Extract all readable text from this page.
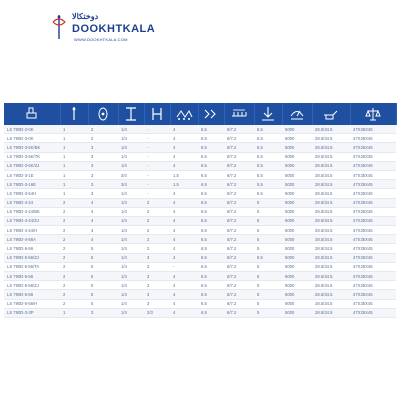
دوختکالا
DOOKHTKALA
WWW.DOOKHTKALA.COM

LS 790D-2-0K	1	2	1/4	-	4	6.5	6/7.2	5.5	5000	28.5/34.5	47X35X45
LS 790D-3-0K	1	2	1/4	-	4	6.5	6/7.2	5.5	5000	28.5/34.5	47X35X45
LS 790D-3-5K/BK	1	3	1/4	-	4	6.5	6/7.2	5.5	5000	28.5/34.5	47X35X45
LS 790D-3-5K/TK	1	3	1/4	-	4	6.5	6/7.2	5.5	5000	28.5/34.5	47X35X45
LS 790D-3-5K/ZJ	1	3	1/4	-	4	6.5	6/7.2	5.5	5000	28.5/34.5	47X35X45
LS 790D-3-1E	1	3	3/4	-	1.5	6.5	6/7.2	5.5	5000	28.5/34.5	47X35X45
LS 790D-3-16E	1	3	3/4	-	1.5	6.5	6/7.2	5.5	5000	28.5/34.5	47X35X45
LS 790D-3-54H	1	3	1/4	-	4	6.5	6/7.2	5.5	5000	28.5/34.5	47X35X45
LS 790D-4-24	2	4	1/4	2	4	6.5	6/7.2	5	5000	28.5/34.5	47X35X45
LS 790D-4-24/BK	2	4	1/4	2	4	6.5	6/7.2	5	5000	28.5/34.5	47X35X45
LS 790D-4-24/ZJ	2	4	1/4	2	4	6.5	6/7.2	5	5000	28.5/34.5	47X35X45
LS 790D-4-24/H	2	4	1/4	2	4	6.5	6/7.2	5	5000	28.5/34.5	47X35X45
LS 790D-4-56A	2	4	1/4	2	4	6.5	6/7.2	5	5000	28.5/34.5	47X35X45
LS 790D-5-56	2	5	1/4	2	4	6.5	6/7.2	5	5000	28.5/34.5	47X35X45
LS 790D-5-56/ZJ	2	5	1/4	3	4	6.5	6/7.2	5.5	5000	28.5/34.5	47X35X45
LS 790D-5-56/TA	2	5	1/4	3	-	6.5	6/7.2	5	5000	28.5/34.5	47X35X45
LS 790D-5-56	2	5	1/4	3	4	6.5	6/7.2	5	5000	28.5/34.5	47X35X45
LS 790D-5-56/ZJ	2	5	1/4	3	4	6.5	6/7.2	5	5000	28.5/34.5	47X35X45
LS 790D-5-56	2	5	1/4	3	4	6.5	6/7.2	5	5000	28.5/34.5	47X35X45
LS 790D-5-56/H	2	5	1/4	3	4	6.5	6/7.2	5	5000	28.5/34.5	47X35X45
LS 790D-3-3P	1	3	1/4	2/3	4	6.5	6/7.2	5	5000	28.5/34.5	47X35X45
